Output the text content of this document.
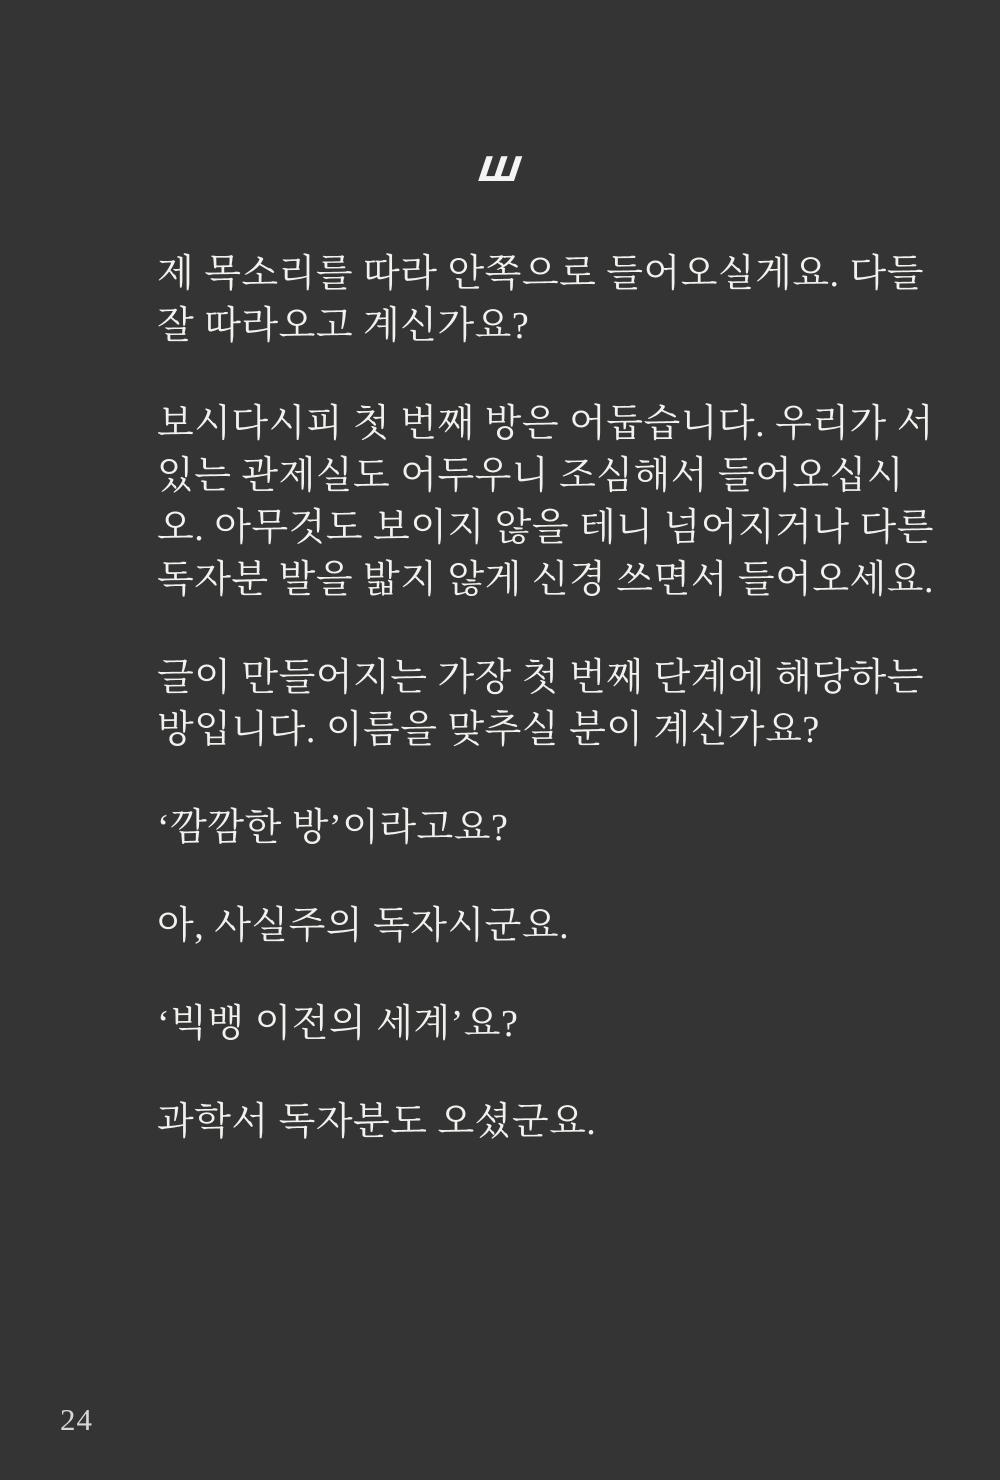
Ш

제 목소리를 따라 안쪽으로 들어오실게요. 다들
잘 따라오고 계신가요?

보시다시피 첫 번째 방은 어둡습니다. 우리가 서
있는 관제실도 어두우니 조심해서 들어오십시
오. 아무것도 보이지 않을 테니 넘어지거나 다른
독자분 발을 밟지 않게 신경 쓰면서 들어오세요.

글이 만들어지는 가장 첫 번째 단계에 해당하는
방입니다. 이름을 맞추실 분이 계신가요?

‘깜깜한 방’이라고요?

아, 사실주의 독자시군요.

‘빅뱅 이전의 세계’요?

과학서 독자분도 오셨군요.

24
